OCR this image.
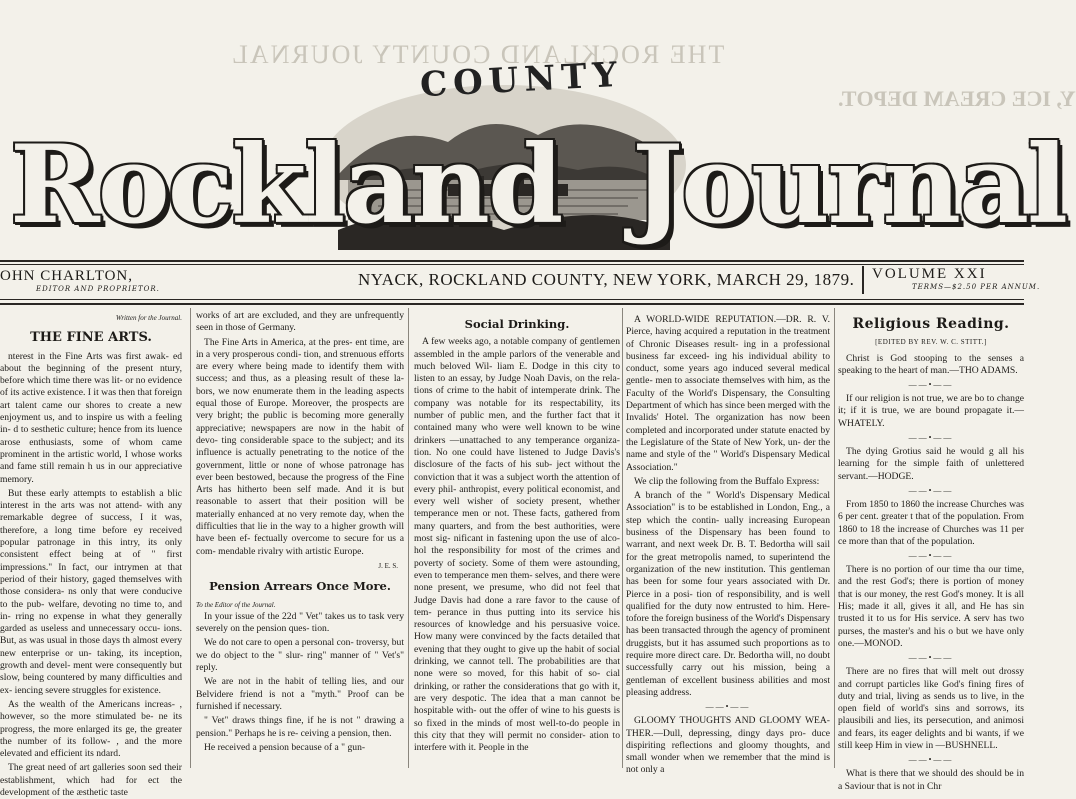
THE ROCKLAND COUNTY JOURNAL
Y, ICE CREAM DEPOT.
COUNTY
Rockland Journal
OHN CHARLTON,
EDITOR AND PROPRIETOR.	NYACK, ROCKLAND COUNTY, NEW YORK, MARCH 29, 1879. VOLUME XXI
TERMS—$2.50 PER ANNUM.
Written for the Journal.
THE FINE ARTS.

nterest in the Fine Arts was first awak- ed about the beginning of the present ntury, before which time there was lit- or no evidence of its active existence. I it was then that foreign art talent came our shores to create a new enjoyment us, and to inspire us with a feeling in- d to sesthetic culture; hence from its luence arose enthusiasts, some of whom came prominent in the artistic world, I whose works and fame still remain h us in our appreciative memory.

But these early attempts to establish a blic interest in the arts was not attend- with any remarkable degree of success, I it was, therefore, a long time before ey received popular patronage in this intry, its only consistent effect being at of " first impressions." In fact, our intrymen at that period of their history, gaged themselves with those considera- ns only that were conducive to the pub- welfare, devoting no time to, and in- rring no expense in what they generally garded as useless and unnecessary occu- ions. But, as was usual in those days th almost every new enterprise or un- taking, its inception, growth and devel- ment were consequently but slow, being countered by many difficulties and ex- iencing severe struggles for existence.

As the wealth of the Americans increas- , however, so the more stimulated be- ne its progress, the more enlarged its ge, the greater the number of its follow- , and the more elevated and efficient its ndard.

The great need of art galleries soon sed their establishment, which had for ect the development of the æsthetic taste

works of art are excluded, and they are unfrequently seen in those of Germany.

The Fine Arts in America, at the pres- ent time, are in a very prosperous condi- tion, and strenuous efforts are every where being made to identify them with success; and thus, as a pleasing result of these la- bors, we now enumerate them in the leading aspects equal those of Europe. Moreover, the prospects are very bright; the public is becoming more generally appreciative; newspapers are now in the habit of devo- ting considerable space to the subject; and its influence is actually penetrating to the notice of the government, little or none of whose patronage has ever been bestowed, because the progress of the Fine Arts has hitherto been self made. And it is but reasonable to assert that their position will be materially enhanced at no very remote day, when the difficulties that lie in the way to a higher growth will have been ef- fectually overcome to secure for us a com- mendable rivalry with artistic Europe.

J. E. S.
Pension Arrears Once More.
To the Editor of the Journal.

In your issue of the 22d " Vet" takes us to task very severely on the pension ques- tion.

We do not care to open a personal con- troversy, but we do object to the " slur- ring" manner of " Vet's" reply.

We are not in the habit of telling lies, and our Belvidere friend is not a "myth." Proof can be furnished if necessary.

" Vet" draws things fine, if he is not " drawing a pension." Perhaps he is re- ceiving a pension, then.

He received a pension because of a " gun-

Social Drinking.

A few weeks ago, a notable company of gentlemen assembled in the ample parlors of the venerable and much beloved Wil- liam E. Dodge in this city to listen to an essay, by Judge Noah Davis, on the rela- tions of crime to the habit of intemperate drink. The company was notable for its respectability, its number of public men, and the further fact that it contained many who were well known to be wine drinkers —unattached to any temperance organiza- tion. No one could have listened to Judge Davis's disclosure of the facts of his sub- ject without the conviction that it was a subject worth the attention of every phil- anthropist, every political economist, and every well wisher of society present, whether temperance men or not. These facts, gathered from many quarters, and from the best authorities, were most sig- nificant in fastening upon the use of alco- hol the responsibility for most of the crimes and poverty of society. Some of them were astounding, even to temperance men them- selves, and there were none present, we presume, who did not feel that Judge Davis had done a rare favor to the cause of tem- perance in thus putting into its service his resources of knowledge and his persuasive voice. How many were convinced by the facts detailed that evening that they ought to give up the habit of social drinking, we cannot tell. The probabilities are that none were so moved, for this habit of so- cial drinking, or rather the considerations that go with it, are very despotic. The idea that a man cannot be hospitable with- out the offer of wine to his guests is so fixed in the minds of most well-to-do people in this city that they will permit no consider- ation to interfere with it. People in the

A WORLD-WIDE REPUTATION.—DR. R. V. Pierce, having acquired a reputation in the treatment of Chronic Diseases result- ing in a professional business far exceed- ing his individual ability to conduct, some years ago induced several medical gentle- men to associate themselves with him, as the Faculty of the World's Dispensary, the Consulting Department of which has since been merged with the Invalids' Hotel. The organization has now been completed and incorporated under statute enacted by the Legislature of the State of New York, un- der the name and style of the " World's Dispensary Medical Association."

We clip the following from the Buffalo Express:

A branch of the " World's Dispensary Medical Association" is to be established in London, Eng., a step which the contin- ually increasing European business of the Dispensary has been found to warrant, and next week Dr. B. T. Bedortha will sail for the great metropolis named, to superintend the organization of the new institution. This gentleman has been for some four years associated with Dr. Pierce in a posi- tion of responsibility, and is well qualified for the duty now entrusted to him. Here- tofore the foreign business of the World's Dispensary has been transacted through the agency of prominent druggists, but it has assumed such proportions as to require more direct care. Dr. Bedortha will, no doubt successfully carry out his mission, being a gentleman of excellent business abilities and most pleasing address.

——•——

GLOOMY THOUGHTS AND GLOOMY WEA- THER.—Dull, depressing, dingy days pro- duce dispiriting reflections and gloomy thoughts, and small wonder when we remember that the mind is not only a

Religious Reading.
[EDITED BY REV. W. C. STITT.]

Christ is God stooping to the senses a speaking to the heart of man.—THO ADAMS.

——•——

If our religion is not true, we are bo to change it; if it is true, we are bound propagate it.—WHATELY.

——•——

The dying Grotius said he would g all his learning for the simple faith of unlettered servant.—HODGE.

——•——

From 1850 to 1860 the increase Churches was 6 per cent. greater t that of the population. From 1860 to 18 the increase of Churches was 11 per ce more than that of the population.

——•——

There is no portion of our time tha our time, and the rest God's; there is portion of money that is our money, the rest God's money. It is all His; made it all, gives it all, and He has sin trusted it to us for His service. A serv has two purses, the master's and his o but we have only one.—MONOD.

——•——

There are no fires that will melt out drossy and corrupt particles like God's fining fires of duty and trial, living as sends us to live, in the open field of world's sins and sorrows, its plausibili and lies, its persecution, and animosi and fears, its eager delights and bi wants, if we still keep Him in view in —BUSHNELL.

——•——

What is there that we should des should be in a Saviour that is not in Chr
